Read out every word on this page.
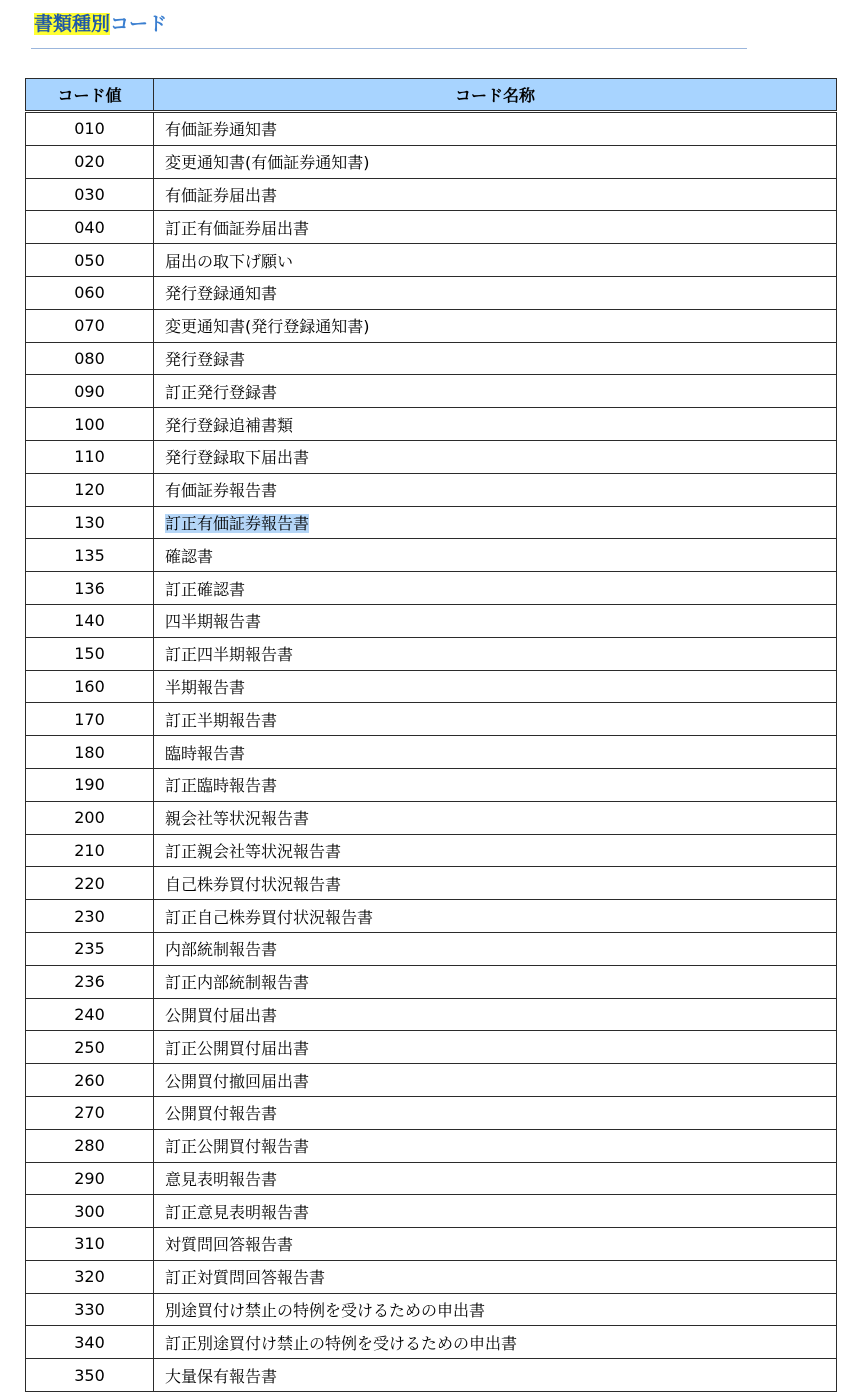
書類種別コード
コード値	コード名称
010	有価証券通知書
020	変更通知書(有価証券通知書)
030	有価証券届出書
040	訂正有価証券届出書
050	届出の取下げ願い
060	発行登録通知書
070	変更通知書(発行登録通知書)
080	発行登録書
090	訂正発行登録書
100	発行登録追補書類
110	発行登録取下届出書
120	有価証券報告書
130	訂正有価証券報告書
135	確認書
136	訂正確認書
140	四半期報告書
150	訂正四半期報告書
160	半期報告書
170	訂正半期報告書
180	臨時報告書
190	訂正臨時報告書
200	親会社等状況報告書
210	訂正親会社等状況報告書
220	自己株券買付状況報告書
230	訂正自己株券買付状況報告書
235	内部統制報告書
236	訂正内部統制報告書
240	公開買付届出書
250	訂正公開買付届出書
260	公開買付撤回届出書
270	公開買付報告書
280	訂正公開買付報告書
290	意見表明報告書
300	訂正意見表明報告書
310	対質問回答報告書
320	訂正対質問回答報告書
330	別途買付け禁止の特例を受けるための申出書
340	訂正別途買付け禁止の特例を受けるための申出書
350	大量保有報告書
